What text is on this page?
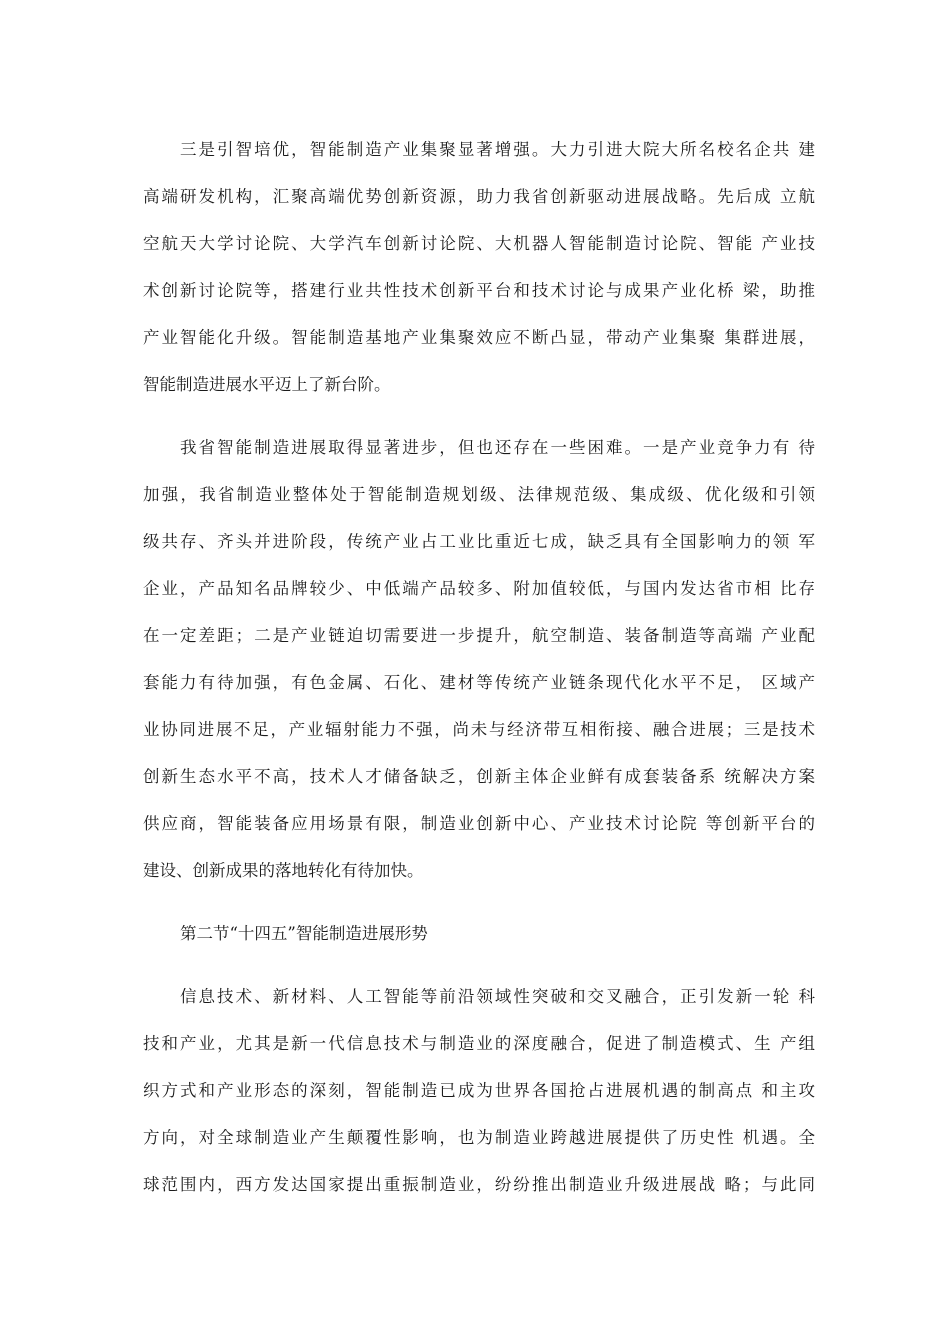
三是引智培优，智能制造产业集聚显著增强。大力引进大院大所名校名企共 建
高端研发机构，汇聚高端优势创新资源，助力我省创新驱动进展战略。先后成 立航
空航天大学讨论院、大学汽车创新讨论院、大机器人智能制造讨论院、智能 产业技
术创新讨论院等，搭建行业共性技术创新平台和技术讨论与成果产业化桥 梁，助推
产业智能化升级。智能制造基地产业集聚效应不断凸显，带动产业集聚 集群进展，
智能制造进展水平迈上了新台阶。
我省智能制造进展取得显著进步，但也还存在一些困难。一是产业竞争力有 待
加强，我省制造业整体处于智能制造规划级、法律规范级、集成级、优化级和引领
级共存、齐头并进阶段，传统产业占工业比重近七成，缺乏具有全国影响力的领 军
企业，产品知名品牌较少、中低端产品较多、附加值较低，与国内发达省市相 比存
在一定差距；二是产业链迫切需要进一步提升，航空制造、装备制造等高端 产业配
套能力有待加强，有色金属、石化、建材等传统产业链条现代化水平不足， 区域产
业协同进展不足，产业辐射能力不强，尚未与经济带互相衔接、融合进展；三是技术
创新生态水平不高，技术人才储备缺乏，创新主体企业鲜有成套装备系 统解决方案
供应商，智能装备应用场景有限，制造业创新中心、产业技术讨论院 等创新平台的
建设、创新成果的落地转化有待加快。
第二节“十四五”智能制造进展形势
信息技术、新材料、人工智能等前沿领域性突破和交叉融合，正引发新一轮 科
技和产业，尤其是新一代信息技术与制造业的深度融合，促进了制造模式、生 产组
织方式和产业形态的深刻，智能制造已成为世界各国抢占进展机遇的制高点 和主攻
方向，对全球制造业产生颠覆性影响，也为制造业跨越进展提供了历史性 机遇。全
球范围内，西方发达国家提出重振制造业，纷纷推出制造业升级进展战 略；与此同
